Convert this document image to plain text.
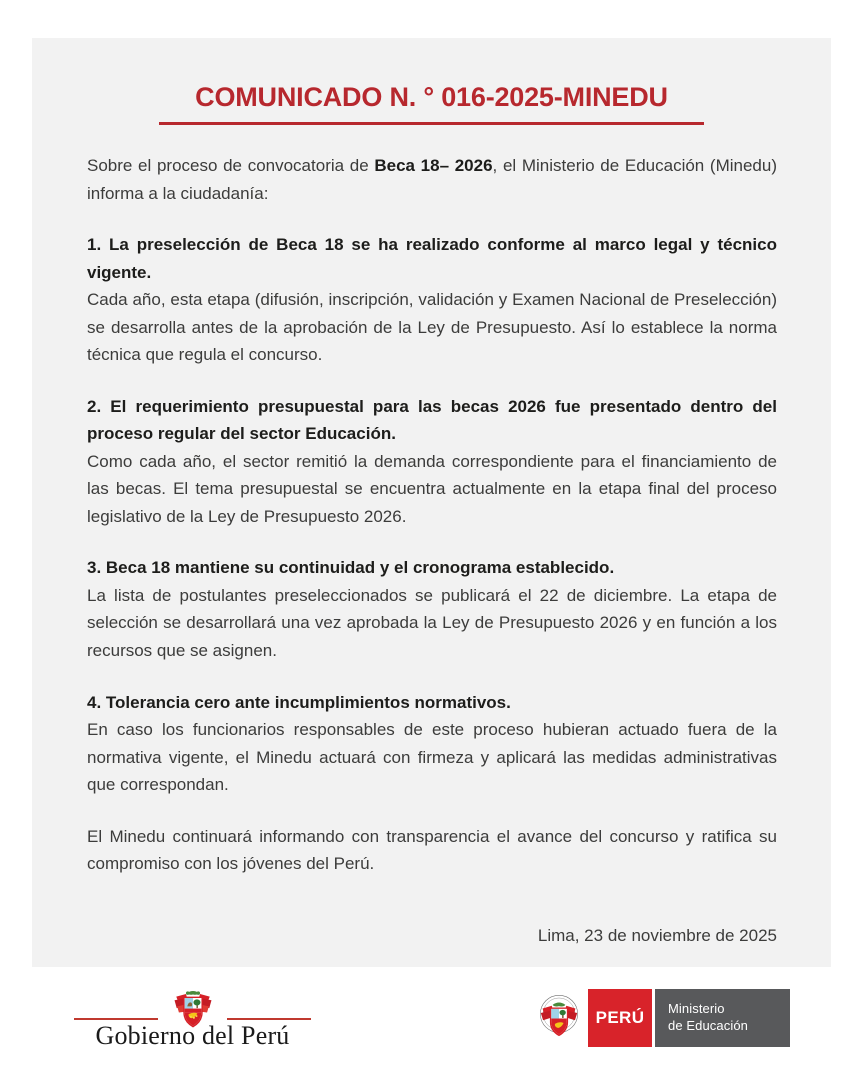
COMUNICADO N. ° 016-2025-MINEDU

Sobre el proceso de convocatoria de Beca 18– 2026, el Ministerio de Educación (Minedu) informa a la ciudadanía:

1. La preselección de Beca 18 se ha realizado conforme al marco legal y técnico vigente.

Cada año, esta etapa (difusión, inscripción, validación y Examen Nacional de Preselección) se desarrolla antes de la aprobación de la Ley de Presupuesto. Así lo establece la norma técnica que regula el concurso.

2. El requerimiento presupuestal para las becas 2026 fue presentado dentro del proceso regular del sector Educación.

Como cada año, el sector remitió la demanda correspondiente para el financiamiento de las becas. El tema presupuestal se encuentra actualmente en la etapa final del proceso legislativo de la Ley de Presupuesto 2026.

3. Beca 18 mantiene su continuidad y el cronograma establecido.

La lista de postulantes preseleccionados se publicará el 22 de diciembre. La etapa de selección se desarrollará una vez aprobada la Ley de Presupuesto 2026 y en función a los recursos que se asignen.

4. Tolerancia cero ante incumplimientos normativos.

En caso los funcionarios responsables de este proceso hubieran actuado fuera de la normativa vigente, el Minedu actuará con firmeza y aplicará las medidas administrativas que correspondan.

El Minedu continuará informando con transparencia el avance del concurso y ratifica su compromiso con los jóvenes del Perú.

Lima, 23 de noviembre de 2025
Gobierno del Perú
PERÚ Ministerio
de Educación
